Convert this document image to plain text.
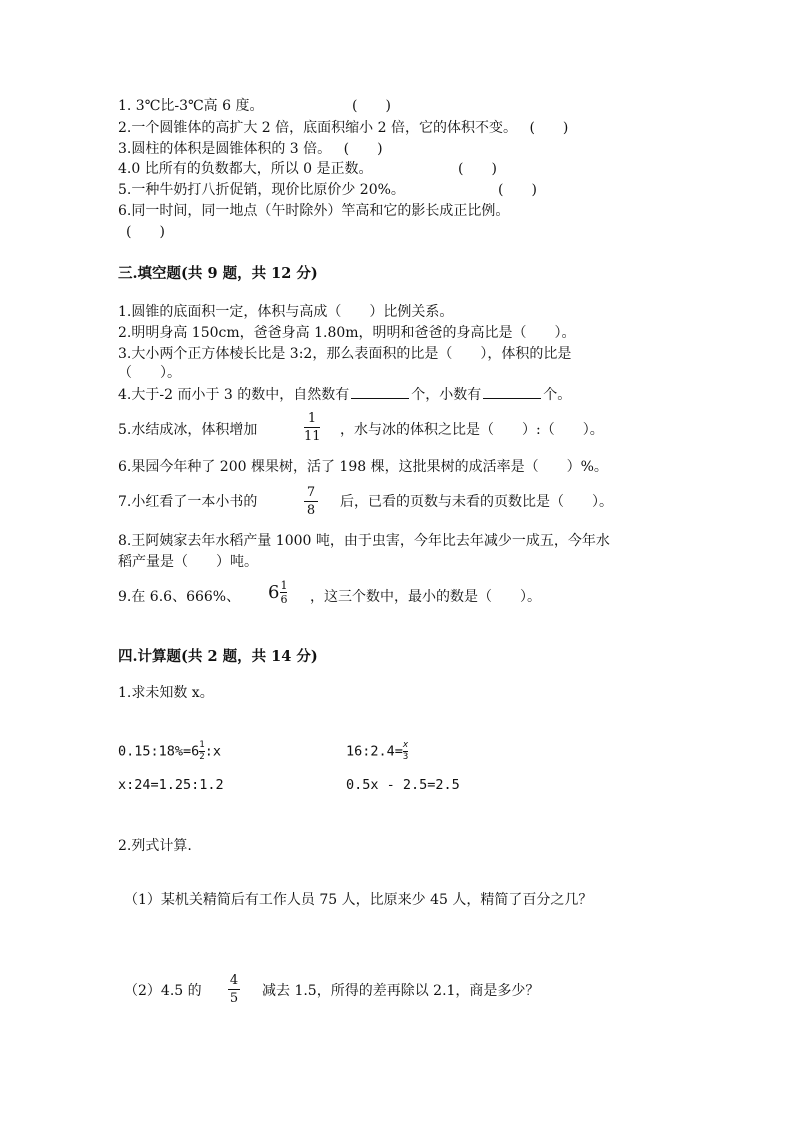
1. 3℃比-3℃高 6 度。	(　　)
2.一个圆锥体的高扩大 2 倍，底面积缩小 2 倍，它的体积不变。 (　　)
3.圆柱的体积是圆锥体积的 3 倍。 (　　)
4.0 比所有的负数都大，所以 0 是正数。	(　　)
5.一种牛奶打八折促销，现价比原价少 20%。	(　　)
6.同一时间，同一地点（午时除外）竿高和它的影长成正比例。
(　　)
三.填空题(共 9 题，共 12 分)
1.圆锥的底面积一定，体积与高成（　　）比例关系。
2.明明身高 150cm，爸爸身高 1.80m，明明和爸爸的身高比是（　　）。
3.大小两个正方体棱长比是 3:2，那么表面积的比是（　　），体积的比是
（　　）。
4.大于-2 而小于 3 的数中，自然数有	个，小数有	个。
5.水结成冰，体积增加
1
11 ，水与冰的体积之比是（　　）:（　　）。
6.果园今年种了 200 棵果树，活了 198 棵，这批果树的成活率是（　　）%。
7.小红看了一本小书的
7
8
后，已看的页数与未看的页数比是（　　）。
8.王阿姨家去年水稻产量 1000 吨，由于虫害，今年比去年减少一成五，今年水
稻产量是（　　）吨。
9.在 6.6、666%、 $6\frac{1}{6}$ ，这三个数中，最小的数是（　　）。
四.计算题(共 2 题，共 14 分)
1.求未知数 x。
$0.15:18\%=6\frac{1}{2}:x$	$16:2.4=\frac{x}{3}$
x:24=1.25:1.2	0.5x - 2.5=2.5
2.列式计算.
（1）某机关精简后有工作人员 75 人，比原来少 45 人，精简了百分之几？
（2）4.5 的
4
5 减去 1.5，所得的差再除以 2.1，商是多少？
